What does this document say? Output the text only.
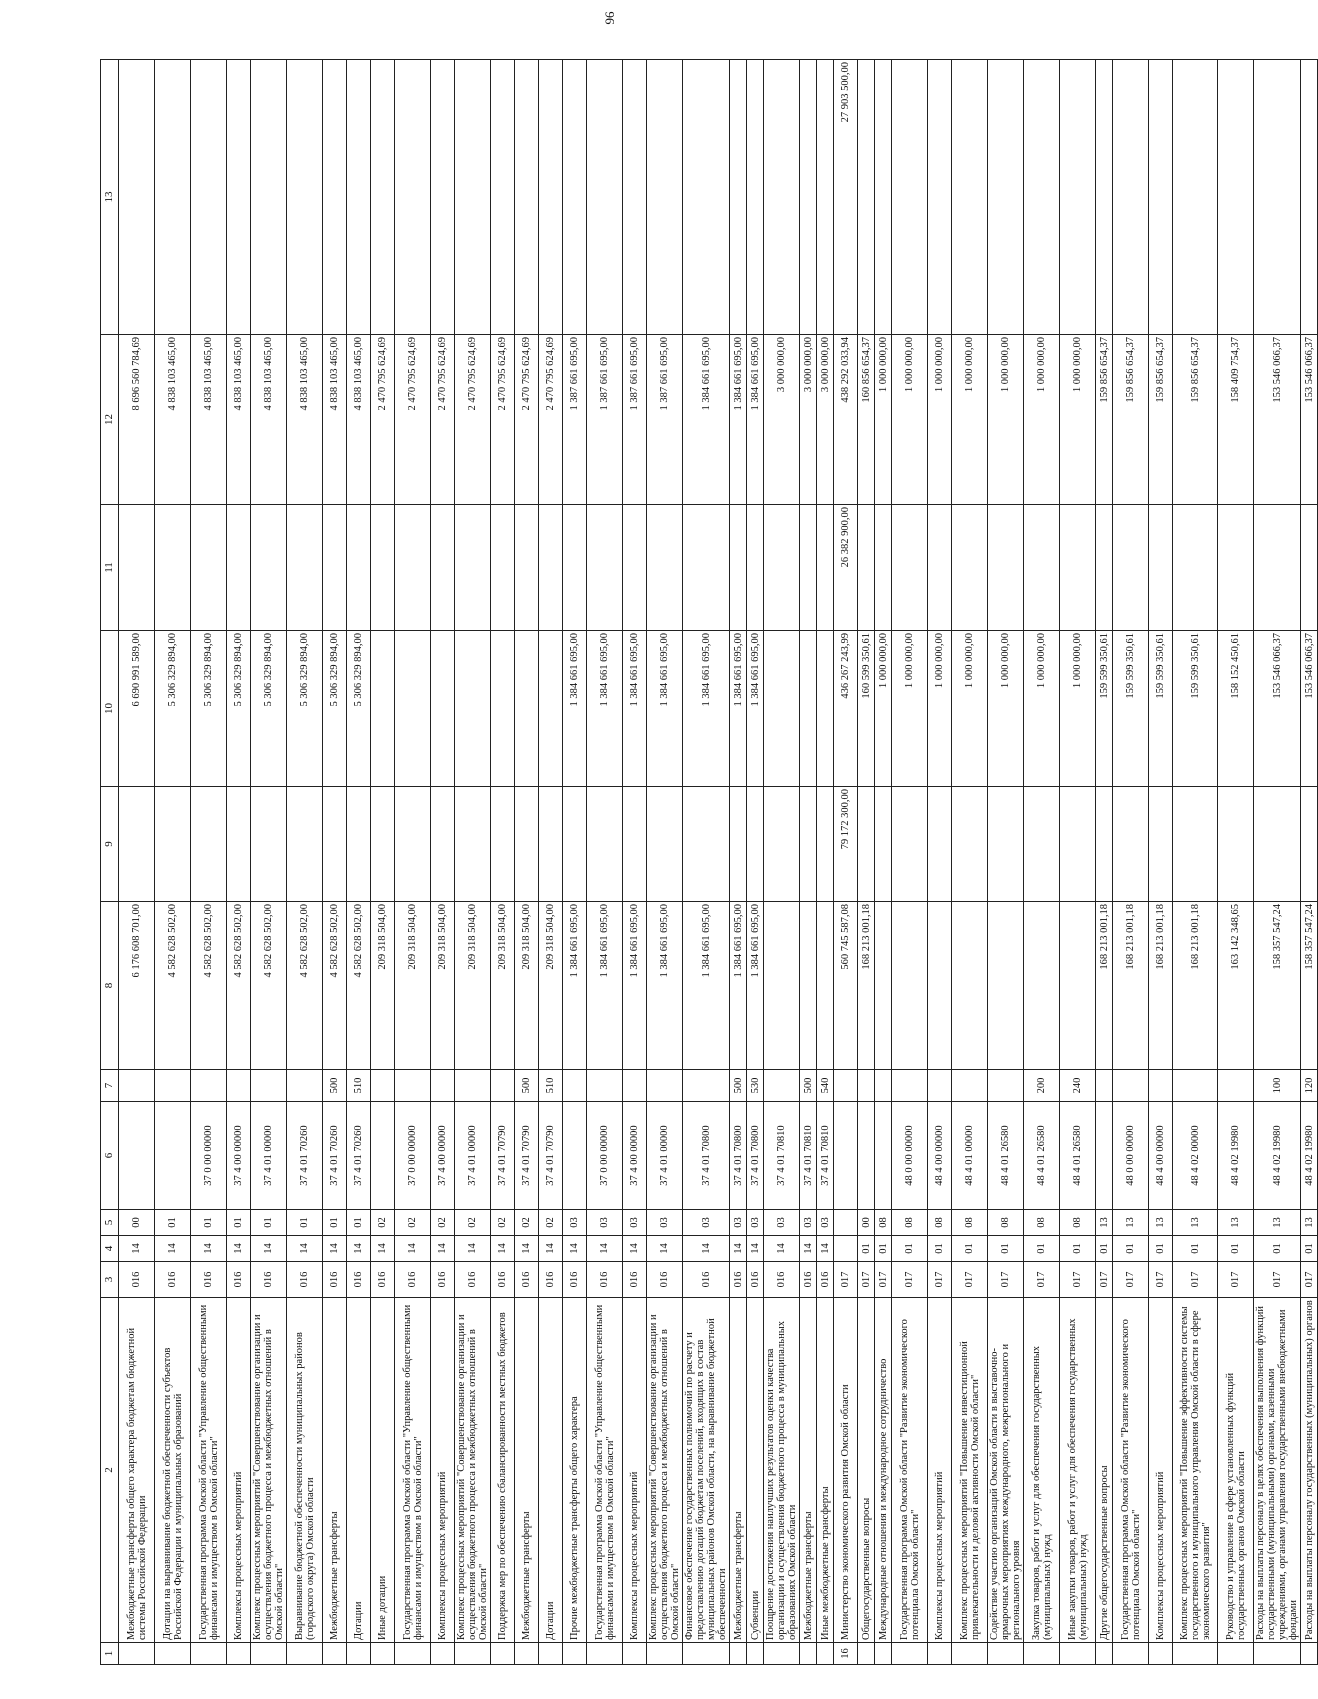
96
1	2	3	4	5	6	7	8	9	10	11	12	13
	Межбюджетные трансферты общего характера бюджетам бюджетной системы Российской Федерации	016	14	00			6 176 608 701,00		6 690 991 589,00		8 696 560 784,69	
	Дотации на выравнивание бюджетной обеспеченности субъектов Российской Федерации и муниципальных образований	016	14	01			4 582 628 502,00		5 306 329 894,00		4 838 103 465,00	
	Государственная программа Омской области "Управление общественными финансами и имуществом в Омской области"	016	14	01	37 0 00 00000		4 582 628 502,00		5 306 329 894,00		4 838 103 465,00	
	Комплексы процессных мероприятий	016	14	01	37 4 00 00000		4 582 628 502,00		5 306 329 894,00		4 838 103 465,00	
	Комплекс процессных мероприятий "Совершенствование организации и осуществления бюджетного процесса и межбюджетных отношений в Омской области"	016	14	01	37 4 01 00000		4 582 628 502,00		5 306 329 894,00		4 838 103 465,00	
	Выравнивание бюджетной обеспеченности муниципальных районов (городского округа) Омской области	016	14	01	37 4 01 70260		4 582 628 502,00		5 306 329 894,00		4 838 103 465,00	
	Межбюджетные трансферты	016	14	01	37 4 01 70260	500	4 582 628 502,00		5 306 329 894,00		4 838 103 465,00	
	Дотации	016	14	01	37 4 01 70260	510	4 582 628 502,00		5 306 329 894,00		4 838 103 465,00	
	Иные дотации	016	14	02			209 318 504,00				2 470 795 624,69	
	Государственная программа Омской области "Управление общественными финансами и имуществом в Омской области"	016	14	02	37 0 00 00000		209 318 504,00				2 470 795 624,69	
	Комплексы процессных мероприятий	016	14	02	37 4 00 00000		209 318 504,00				2 470 795 624,69	
	Комплекс процессных мероприятий "Совершенствование организации и осуществления бюджетного процесса и межбюджетных отношений в Омской области"	016	14	02	37 4 01 00000		209 318 504,00				2 470 795 624,69	
	Поддержка мер по обеспечению сбалансированности местных бюджетов	016	14	02	37 4 01 70790		209 318 504,00				2 470 795 624,69	
	Межбюджетные трансферты	016	14	02	37 4 01 70790	500	209 318 504,00				2 470 795 624,69	
	Дотации	016	14	02	37 4 01 70790	510	209 318 504,00				2 470 795 624,69	
	Прочие межбюджетные трансферты общего характера	016	14	03			1 384 661 695,00		1 384 661 695,00		1 387 661 695,00	
	Государственная программа Омской области "Управление общественными финансами и имуществом в Омской области"	016	14	03	37 0 00 00000		1 384 661 695,00		1 384 661 695,00		1 387 661 695,00	
	Комплексы процессных мероприятий	016	14	03	37 4 00 00000		1 384 661 695,00		1 384 661 695,00		1 387 661 695,00	
	Комплекс процессных мероприятий "Совершенствование организации и осуществления бюджетного процесса и межбюджетных отношений в Омской области"	016	14	03	37 4 01 00000		1 384 661 695,00		1 384 661 695,00		1 387 661 695,00	
	Финансовое обеспечение государственных полномочий по расчету и предоставлению дотаций бюджетам поселений, входящих в состав муниципальных районов Омской области, на выравнивание бюджетной обеспеченности	016	14	03	37 4 01 70800		1 384 661 695,00		1 384 661 695,00		1 384 661 695,00	
	Межбюджетные трансферты	016	14	03	37 4 01 70800	500	1 384 661 695,00		1 384 661 695,00		1 384 661 695,00	
	Субвенции	016	14	03	37 4 01 70800	530	1 384 661 695,00		1 384 661 695,00		1 384 661 695,00	
	Поощрение достижения наилучших результатов оценки качества организации и осуществления бюджетного процесса в муниципальных образованиях Омской области	016	14	03	37 4 01 70810						3 000 000,00	
	Межбюджетные трансферты	016	14	03	37 4 01 70810	500					3 000 000,00	
	Иные межбюджетные трансферты	016	14	03	37 4 01 70810	540					3 000 000,00	
16	Министерство экономического развития Омской области	017					560 745 587,08	79 172 300,00	436 267 243,99	26 382 900,00	438 292 033,94	27 903 500,00
	Общегосударственные вопросы	017	01	00			168 213 001,18		160 599 350,61		160 856 654,37	
	Международные отношения и международное сотрудничество	017	01	08					1 000 000,00		1 000 000,00	
	Государственная программа Омской области "Развитие экономического потенциала Омской области"	017	01	08	48 0 00 00000				1 000 000,00		1 000 000,00	
	Комплексы процессных мероприятий	017	01	08	48 4 00 00000				1 000 000,00		1 000 000,00	
	Комплекс процессных мероприятий "Повышение инвестиционной привлекательности и деловой активности Омской области"	017	01	08	48 4 01 00000				1 000 000,00		1 000 000,00	
	Содействие участию организаций Омской области в выставочно-ярмарочных мероприятиях международного, межрегионального и регионального уровня	017	01	08	48 4 01 26580				1 000 000,00		1 000 000,00	
	Закупка товаров, работ и услуг для обеспечения государственных (муниципальных) нужд	017	01	08	48 4 01 26580	200			1 000 000,00		1 000 000,00	
	Иные закупки товаров, работ и услуг для обеспечения государственных (муниципальных) нужд	017	01	08	48 4 01 26580	240			1 000 000,00		1 000 000,00	
	Другие общегосударственные вопросы	017	01	13			168 213 001,18		159 599 350,61		159 856 654,37	
	Государственная программа Омской области "Развитие экономического потенциала Омской области"	017	01	13	48 0 00 00000		168 213 001,18		159 599 350,61		159 856 654,37	
	Комплексы процессных мероприятий	017	01	13	48 4 00 00000		168 213 001,18		159 599 350,61		159 856 654,37	
	Комплекс процессных мероприятий "Повышение эффективности системы государственного и муниципального управления Омской области в сфере экономического развития"	017	01	13	48 4 02 00000		168 213 001,18		159 599 350,61		159 856 654,37	
	Руководство и управление в сфере установленных функций государственных органов Омской области	017	01	13	48 4 02 19980		163 142 348,65		158 152 450,61		158 409 754,37	
	Расходы на выплаты персоналу в целях обеспечения выполнения функций государственными (муниципальными) органами, казенными учреждениями, органами управления государственными внебюджетными фондами	017	01	13	48 4 02 19980	100	158 357 547,24		153 546 066,37		153 546 066,37	
	Расходы на выплаты персоналу государственных (муниципальных) органов	017	01	13	48 4 02 19980	120	158 357 547,24		153 546 066,37		153 546 066,37	
